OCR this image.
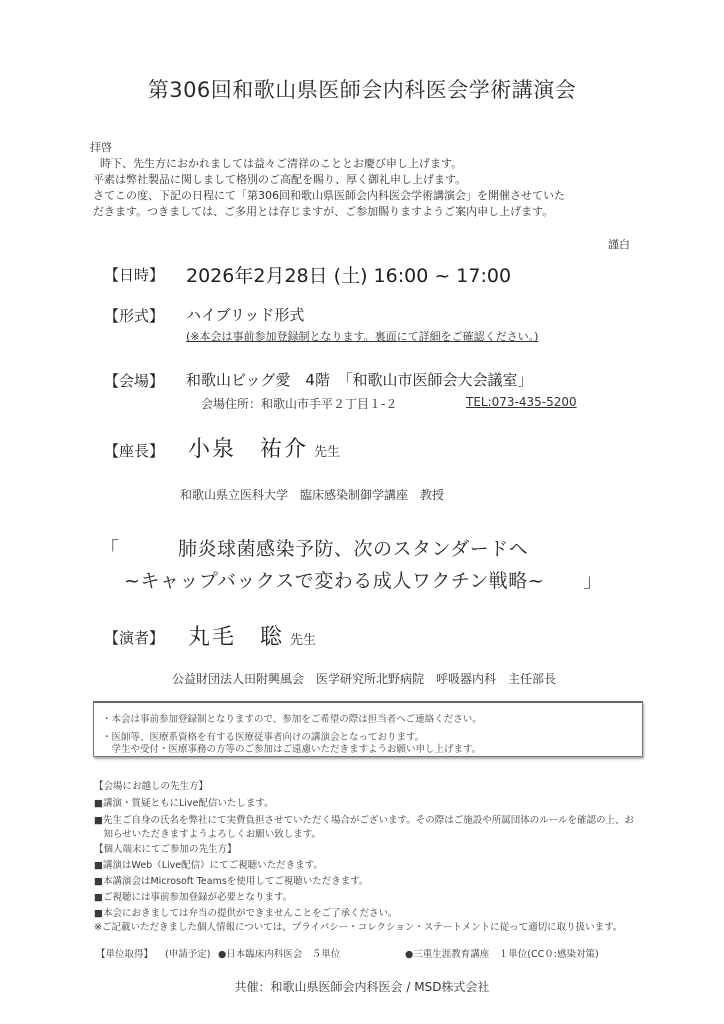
第306回和歌山県医師会内科医会学術講演会
拝啓
時下、先生方におかれましては益々ご清祥のこととお慶び申し上げます。
平素は弊社製品に関しまして格別のご高配を賜り、厚く御礼申し上げます。
さてこの度、下記の日程にて「第306回和歌山県医師会内科医会学術講演会」を開催させていた
だきます。つきましては、ご多用とは存じますが、ご参加賜りますようご案内申し上げます。
謹白
【日時】 2026年2月28日 (土) 16:00 ~ 17:00
【形式】 ハイブリッド形式
(※本会は事前参加登録制となります。裏面にて詳細をご確認ください。)
【会場】 和歌山ビッグ愛　4階　「和歌山市医師会大会議室」
会場住所：和歌山市手平２丁目１-２	TEL:073-435-5200
【座長】 小泉　祐介 先生
和歌山県立医科大学　臨床感染制御学講座　教授
「　　　肺炎球菌感染予防、次のスタンダードへ
~キャップバックスで変わる成人ワクチン戦略~　　」
【演者】 丸毛　聡 先生
公益財団法人田附興風会　医学研究所北野病院　呼吸器内科　主任部長
・本会は事前参加登録制となりますので、参加をご希望の際は担当者へご連絡ください。
・医師等、医療系資格を有する医療従事者向けの講演会となっております。
　学生や受付・医療事務の方等のご参加はご遠慮いただきますようお願い申し上げます。
【会場にお越しの先生方】
■講演・質疑ともにLive配信いたします。
■先生ご自身の氏名を弊社にて実費負担させていただく場合がございます。その際はご施設や所属団体のルールを確認の上、お
　知らせいただきますようよろしくお願い致します。
【個人端末にてご参加の先生方】
■講演はWeb（Live配信）にてご視聴いただきます。
■本講演会はMicrosoft Teamsを使用してご視聴いただきます。
■ご視聴には事前参加登録が必要となります。
■本会におきましては弁当の提供ができませんことをご了承ください。
※ご記載いただきました個人情報については、プライバシー・コレクション・ステートメントに従って適切に取り扱います。
【単位取得】 (申請予定) ●日本臨床内科医会　５単位	●三重生涯教育講座　１単位(CC０:感染対策)
共催：和歌山県医師会内科医会 / MSD株式会社
